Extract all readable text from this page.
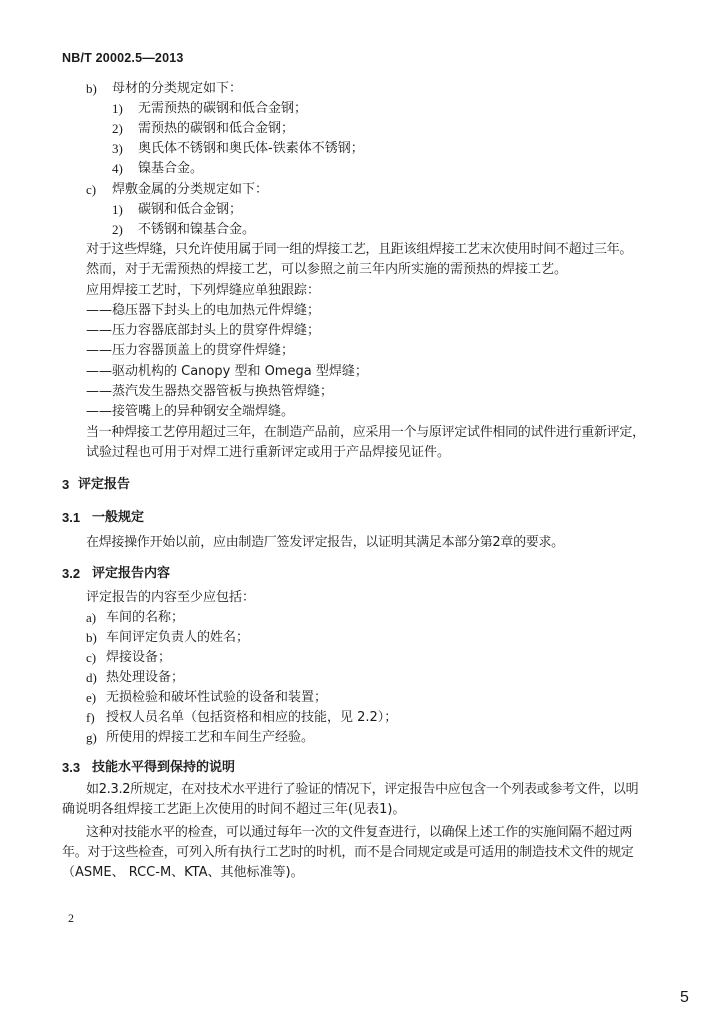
NB/T 20002.5—2013
b) 母材的分类规定如下：
1) 无需预热的碳钢和低合金钢；
2) 需预热的碳钢和低合金钢；
3) 奥氏体不锈钢和奥氏体-铁素体不锈钢；
4) 镍基合金。
c) 焊敷金属的分类规定如下：
1) 碳钢和低合金钢；
2) 不锈钢和镍基合金。
对于这些焊缝，只允许使用属于同一组的焊接工艺，且距该组焊接工艺末次使用时间不超过三年。
然而，对于无需预热的焊接工艺，可以参照之前三年内所实施的需预热的焊接工艺。
应用焊接工艺时，下列焊缝应单独跟踪：
——稳压器下封头上的电加热元件焊缝；
——压力容器底部封头上的贯穿件焊缝；
——压力容器顶盖上的贯穿件焊缝；
——驱动机构的 Canopy 型和 Omega 型焊缝；
——蒸汽发生器热交器管板与换热管焊缝；
——接管嘴上的异种钢安全端焊缝。
当一种焊接工艺停用超过三年，在制造产品前，应采用一个与原评定试件相同的试件进行重新评定，
试验过程也可用于对焊工进行重新评定或用于产品焊接见证件。
3 评定报告
3.1 一般规定
在焊接操作开始以前，应由制造厂签发评定报告，以证明其满足本部分第2章的要求。
3.2 评定报告内容
评定报告的内容至少应包括：
a) 车间的名称；
b) 车间评定负责人的姓名；
c) 焊接设备；
d) 热处理设备；
e) 无损检验和破坏性试验的设备和装置；
f) 授权人员名单（包括资格和相应的技能，见 2.2）；
g) 所使用的焊接工艺和车间生产经验。
3.3 技能水平得到保持的说明
如2.3.2所规定，在对技术水平进行了验证的情况下，评定报告中应包含一个列表或参考文件，以明
确说明各组焊接工艺距上次使用的时间不超过三年(见表1)。
这种对技能水平的检查，可以通过每年一次的文件复查进行，以确保上述工作的实施间隔不超过两
年。对于这些检查，可列入所有执行工艺时的时机，而不是合同规定或是可适用的制造技术文件的规定
（ASME、 RCC-M、KTA、其他标准等)。
2
5
